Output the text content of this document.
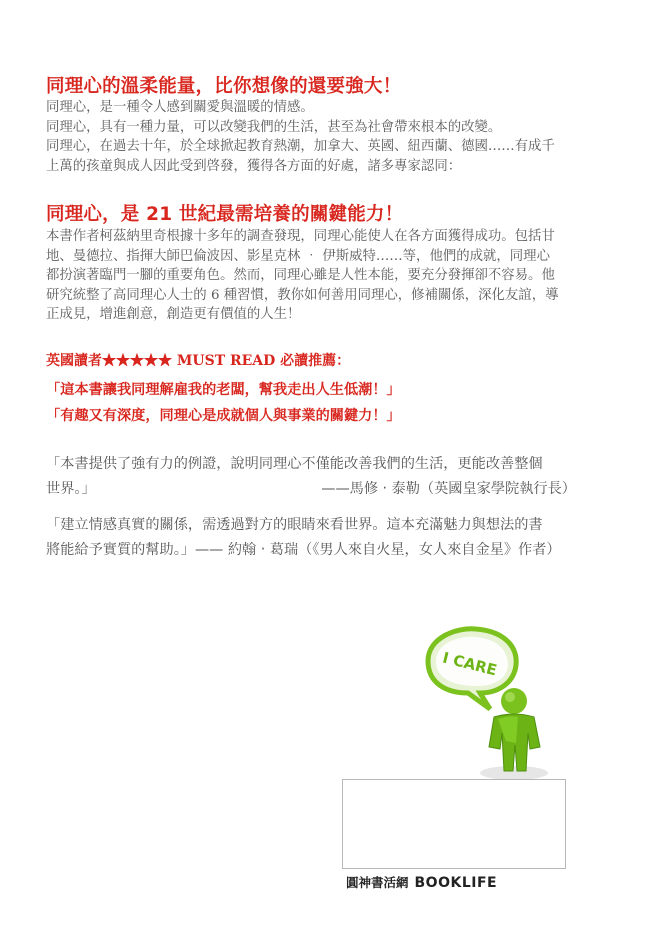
同理心的溫柔能量，比你想像的還要強大！
同理心，是一種令人感到關愛與溫暖的情感。
同理心，具有一種力量，可以改變我們的生活，甚至為社會帶來根本的改變。
同理心，在過去十年，於全球掀起教育熱潮，加拿大、英國、紐西蘭、德國……有成千
上萬的孩童與成人因此受到啓發，獲得各方面的好處，諸多專家認同：
同理心，是 21 世紀最需培養的關鍵能力！
本書作者柯茲納里奇根據十多年的調查發現，同理心能使人在各方面獲得成功。包括甘
地、曼德拉、指揮大師巴倫波因、影星克林 ‧ 伊斯威特……等，他們的成就，同理心
都扮演著臨門一腳的重要角色。然而，同理心雖是人性本能，要充分發揮卻不容易。他
研究統整了高同理心人士的 6 種習慣，教你如何善用同理心，修補關係，深化友誼，導
正成見，增進創意，創造更有價值的人生！
英國讀者★★★★★ MUST READ 必讀推薦：
「這本書讓我同理解雇我的老闆，幫我走出人生低潮！」
「有趣又有深度，同理心是成就個人與事業的關鍵力！」
「本書提供了強有力的例證，說明同理心不僅能改善我們的生活，更能改善整個
世界。」	——馬修 ‧ 泰勒（英國皇家學院執行長）
「建立情感真實的關係，需透過對方的眼睛來看世界。這本充滿魅力與想法的書
將能給予實質的幫助。」—— 約翰 ‧ 葛瑞（《男人來自火星，女人來自金星》作者）
I CARE
圓神書活網 BOOKLIFE
